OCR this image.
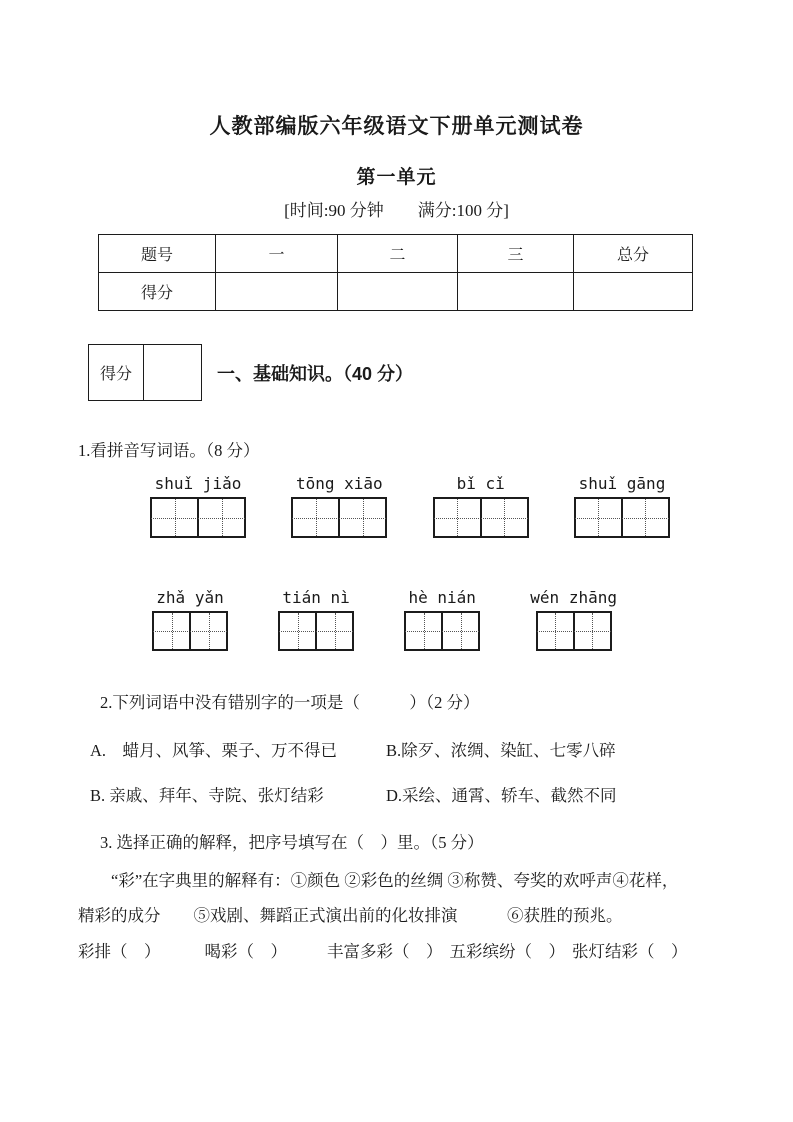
人教部编版六年级语文下册单元测试卷
第一单元
[时间:90 分钟　　满分:100 分]
题号	一	二	三	总分
得分				
得分	一、基础知识。（40 分）
1.看拼音写词语。（8 分）
shuǐ jiǎo	tōng xiāo	bǐ cǐ	shuǐ gāng
zhǎ yǎn	tián nì	hè nián	wén zhāng
2.下列词语中没有错别字的一项是（　　　）（2 分）
A.　蜡月、风筝、栗子、万不得已	B.除歹、浓绸、染缸、七零八碎
B. 亲戚、拜年、寺院、张灯结彩	D.采绘、通霄、轿车、截然不同
3. 选择正确的解释，把序号填写在（　）里。（5 分）
“彩”在字典里的解释有：①颜色 ②彩色的丝绸 ③称赞、夸奖的欢呼声④花样，
精彩的成分　　⑤戏剧、舞蹈正式演出前的化妆排演　　　⑥获胜的预兆。
彩排（　）	喝彩（　） 丰富多彩（　） 五彩缤纷（　） 张灯结彩（　）
